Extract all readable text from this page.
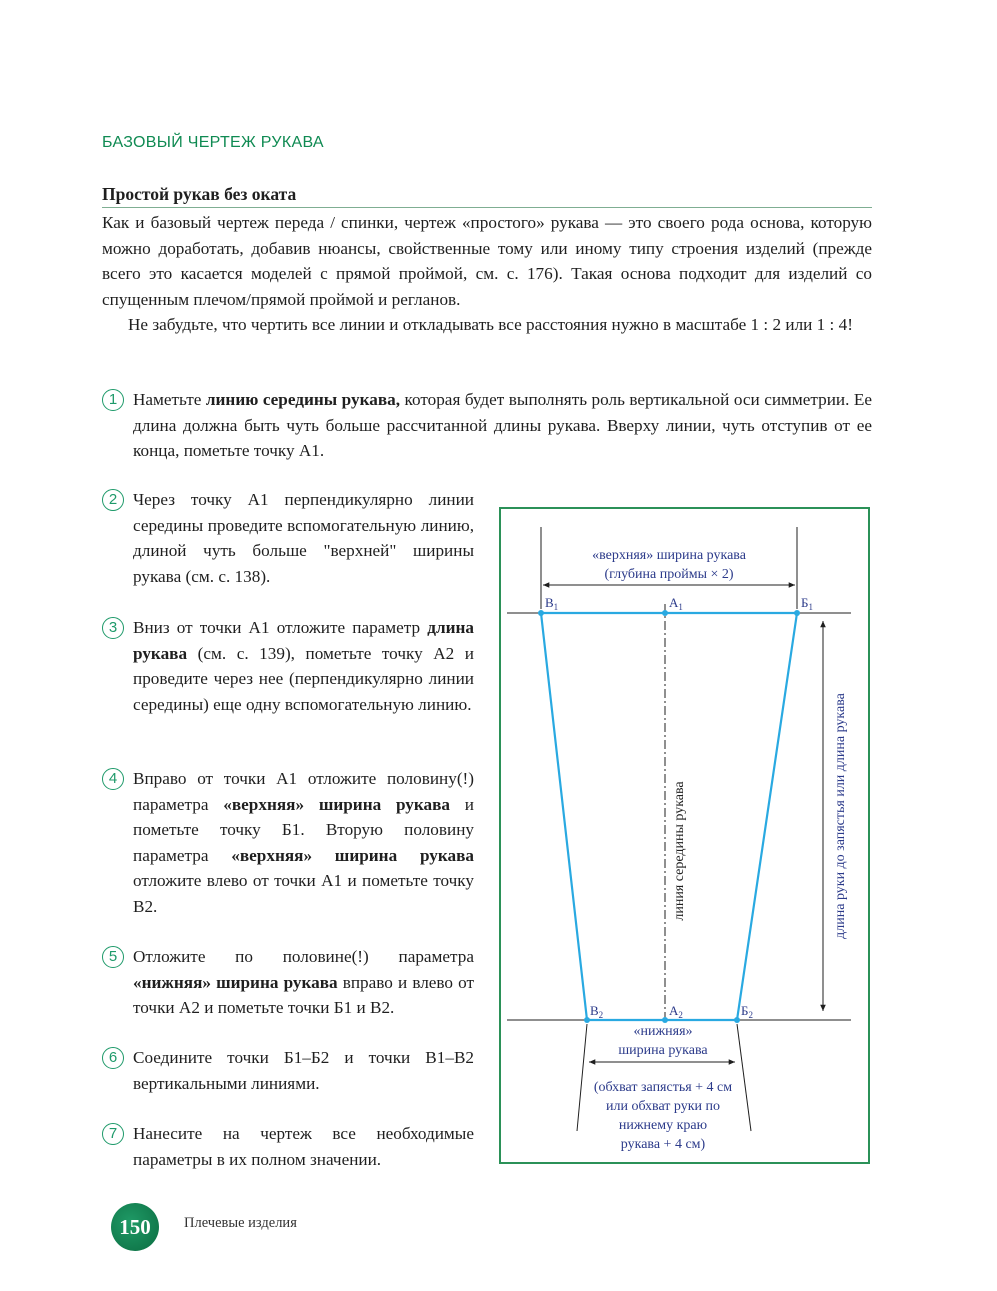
БАЗОВЫЙ ЧЕРТЕЖ РУКАВА
Простой рукав без оката

Как и базовый чертеж переда / спинки, чертеж «простого» рукава — это своего рода основа, которую можно доработать, добавив нюансы, свойственные тому или иному типу строения изделий (прежде всего это касается моделей с прямой проймой, см. с. 176). Такая основа подходит для изделий со спущенным плечом/прямой проймой и регланов.

Не забудьте, что чертить все линии и откладывать все расстояния нужно в масштабе 1 : 2 или 1 : 4!

1 Наметьте линию середины рукава, которая будет выполнять роль вертикальной оси симметрии. Ее длина должна быть чуть больше рассчитанной длины рукава. Вверху линии, чуть отступив от ее конца, пометьте точку А1.

2 Через точку А1 перпендикулярно линии середины проведите вспомогательную линию, длиной чуть больше "верхней" ширины рукава (см. с. 138).

3 Вниз от точки А1 отложите параметр длина рукава (см. с. 139), пометьте точку А2 и проведите через нее (перпендикулярно линии середины) еще одну вспомогательную линию.

4 Вправо от точки А1 отложите половину(!) параметра «верхняя» ширина рукава и пометьте точку Б1. Вторую половину параметра «верхняя» ширина рукава отложите влево от точки А1 и пометьте точку В2.

5 Отложите по половине(!) параметра «нижняя» ширина рукава вправо и влево от точки А2 и пометьте точки Б1 и В2.

6 Соедините точки Б1–Б2 и точки В1–В2 вертикальными линиями.

7 Нанесите на чертеж все необходимые параметры в их полном значении.

«верхняя» ширина рукава
(глубина проймы × 2)
$В_1$	$А_1$	$Б_1$
$В_2$	$А_2$	$Б_2$
линия середины рукава	длина руки до запястья или длина рукава
«нижняя»
ширина рукава
(обхват запястья + 4 см
или обхват руки по
нижнему краю
рукава + 4 см)
150	Плечевые изделия
